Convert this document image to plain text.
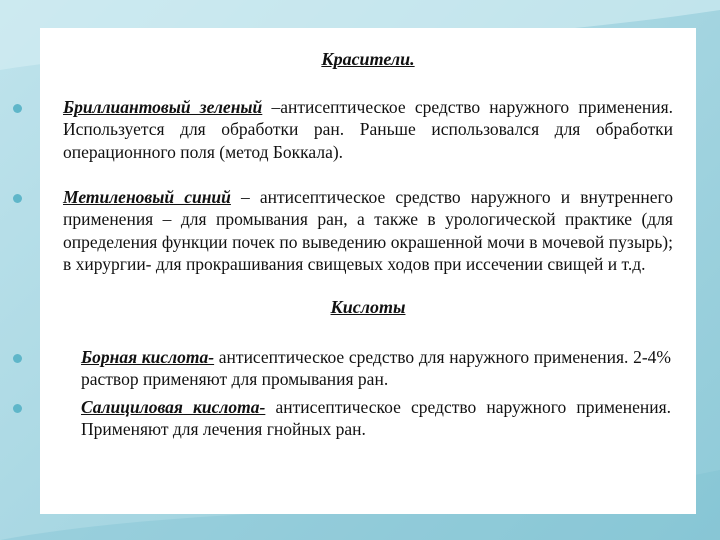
Красители.
Бриллиантовый зеленый –антисептическое средство наружного применения. Используется для обработки ран. Раньше использовался для обработки операционного поля (метод Боккала).
Метиленовый синий – антисептическое средство наружного и внутреннего применения – для промывания ран, а также в урологической практике (для определения функции почек по выведению окрашенной мочи в мочевой пузырь); в хирургии- для прокрашивания свищевых ходов при иссечении свищей и т.д.
Кислоты
Борная кислота- антисептическое средство для наружного применения. 2-4% раствор применяют для промывания ран.
Салициловая кислота- антисептическое средство наружного применения. Применяют для лечения гнойных ран.
